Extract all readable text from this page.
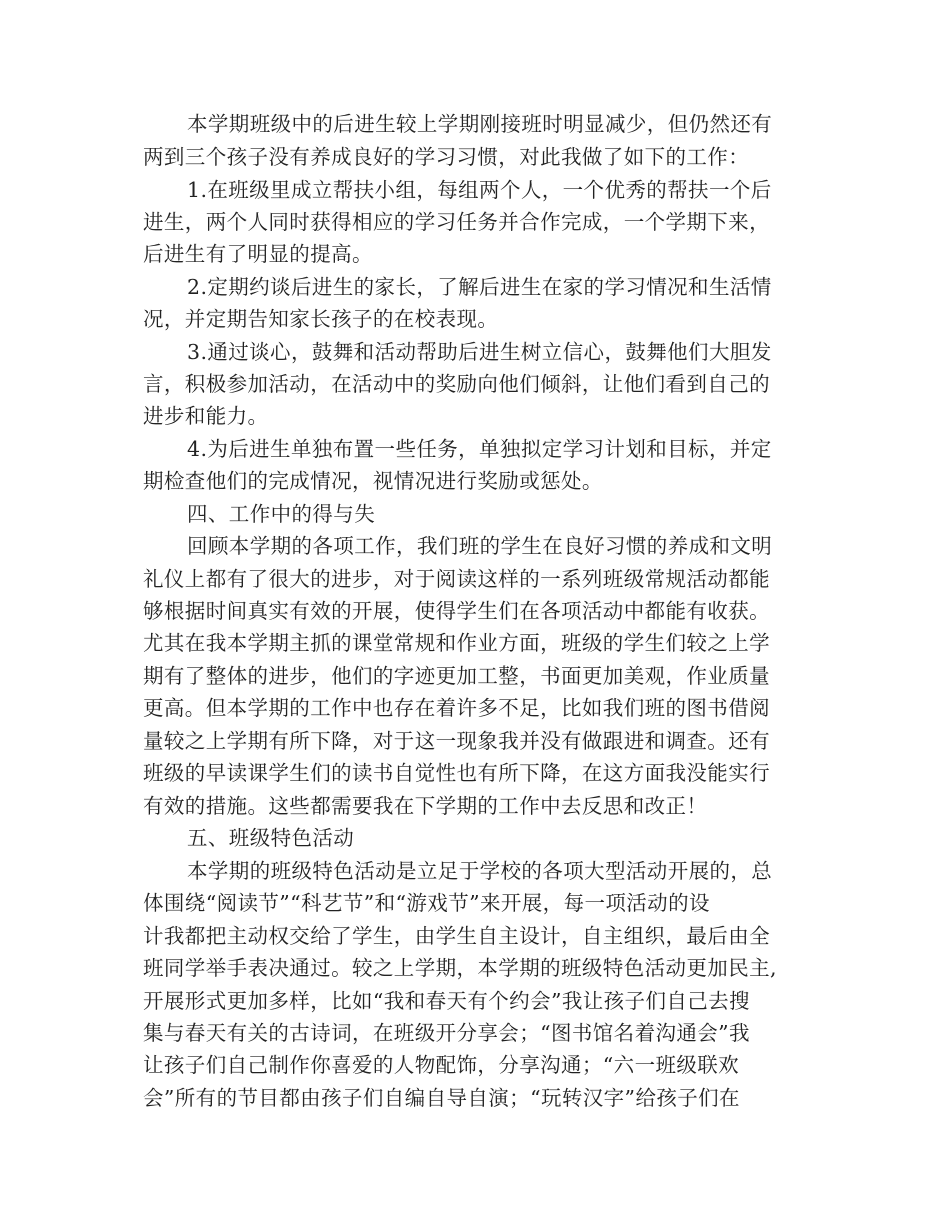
本学期班级中的后进生较上学期刚接班时明显减少，但仍然还有
两到三个孩子没有养成良好的学习习惯，对此我做了如下的工作：
1.在班级里成立帮扶小组，每组两个人，一个优秀的帮扶一个后
进生，两个人同时获得相应的学习任务并合作完成，一个学期下来，
后进生有了明显的提高。
2.定期约谈后进生的家长，了解后进生在家的学习情况和生活情
况，并定期告知家长孩子的在校表现。
3.通过谈心，鼓舞和活动帮助后进生树立信心，鼓舞他们大胆发
言，积极参加活动，在活动中的奖励向他们倾斜，让他们看到自己的
进步和能力。
4.为后进生单独布置一些任务，单独拟定学习计划和目标，并定
期检查他们的完成情况，视情况进行奖励或惩处。
四、工作中的得与失
回顾本学期的各项工作，我们班的学生在良好习惯的养成和文明
礼仪上都有了很大的进步，对于阅读这样的一系列班级常规活动都能
够根据时间真实有效的开展，使得学生们在各项活动中都能有收获。
尤其在我本学期主抓的课堂常规和作业方面，班级的学生们较之上学
期有了整体的进步，他们的字迹更加工整，书面更加美观，作业质量
更高。但本学期的工作中也存在着许多不足，比如我们班的图书借阅
量较之上学期有所下降，对于这一现象我并没有做跟进和调查。还有
班级的早读课学生们的读书自觉性也有所下降，在这方面我没能实行
有效的措施。这些都需要我在下学期的工作中去反思和改正！
五、班级特色活动
本学期的班级特色活动是立足于学校的各项大型活动开展的，总
体围绕“阅读节”“科艺节”和“游戏节”来开展，每一项活动的设
计我都把主动权交给了学生，由学生自主设计，自主组织，最后由全
班同学举手表决通过。较之上学期，本学期的班级特色活动更加民主,
开展形式更加多样，比如“我和春天有个约会”我让孩子们自己去搜
集与春天有关的古诗词，在班级开分享会；“图书馆名着沟通会”我
让孩子们自己制作你喜爱的人物配饰，分享沟通；“六一班级联欢
会”所有的节目都由孩子们自编自导自演；“玩转汉字”给孩子们在
